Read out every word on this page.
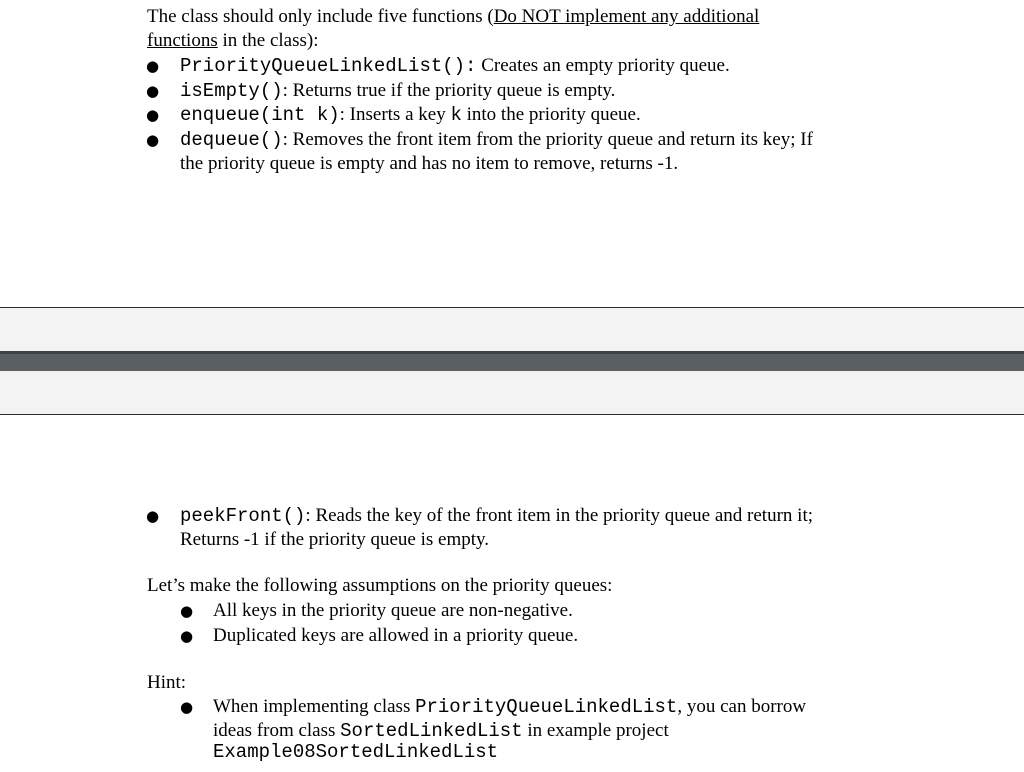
The class should only include five functions (Do NOT implement any additional
functions in the class):
● PriorityQueueLinkedList(): Creates an empty priority queue.
● isEmpty(): Returns true if the priority queue is empty.
● enqueue(int k): Inserts a key k into the priority queue.
● dequeue(): Removes the front item from the priority queue and return its key; If
the priority queue is empty and has no item to remove, returns -1.
● peekFront(): Reads the key of the front item in the priority queue and return it;
Returns -1 if the priority queue is empty.
Let’s make the following assumptions on the priority queues:
● All keys in the priority queue are non-negative.
● Duplicated keys are allowed in a priority queue.
Hint:
● When implementing class PriorityQueueLinkedList, you can borrow
ideas from class SortedLinkedList in example project
Example08SortedLinkedList
